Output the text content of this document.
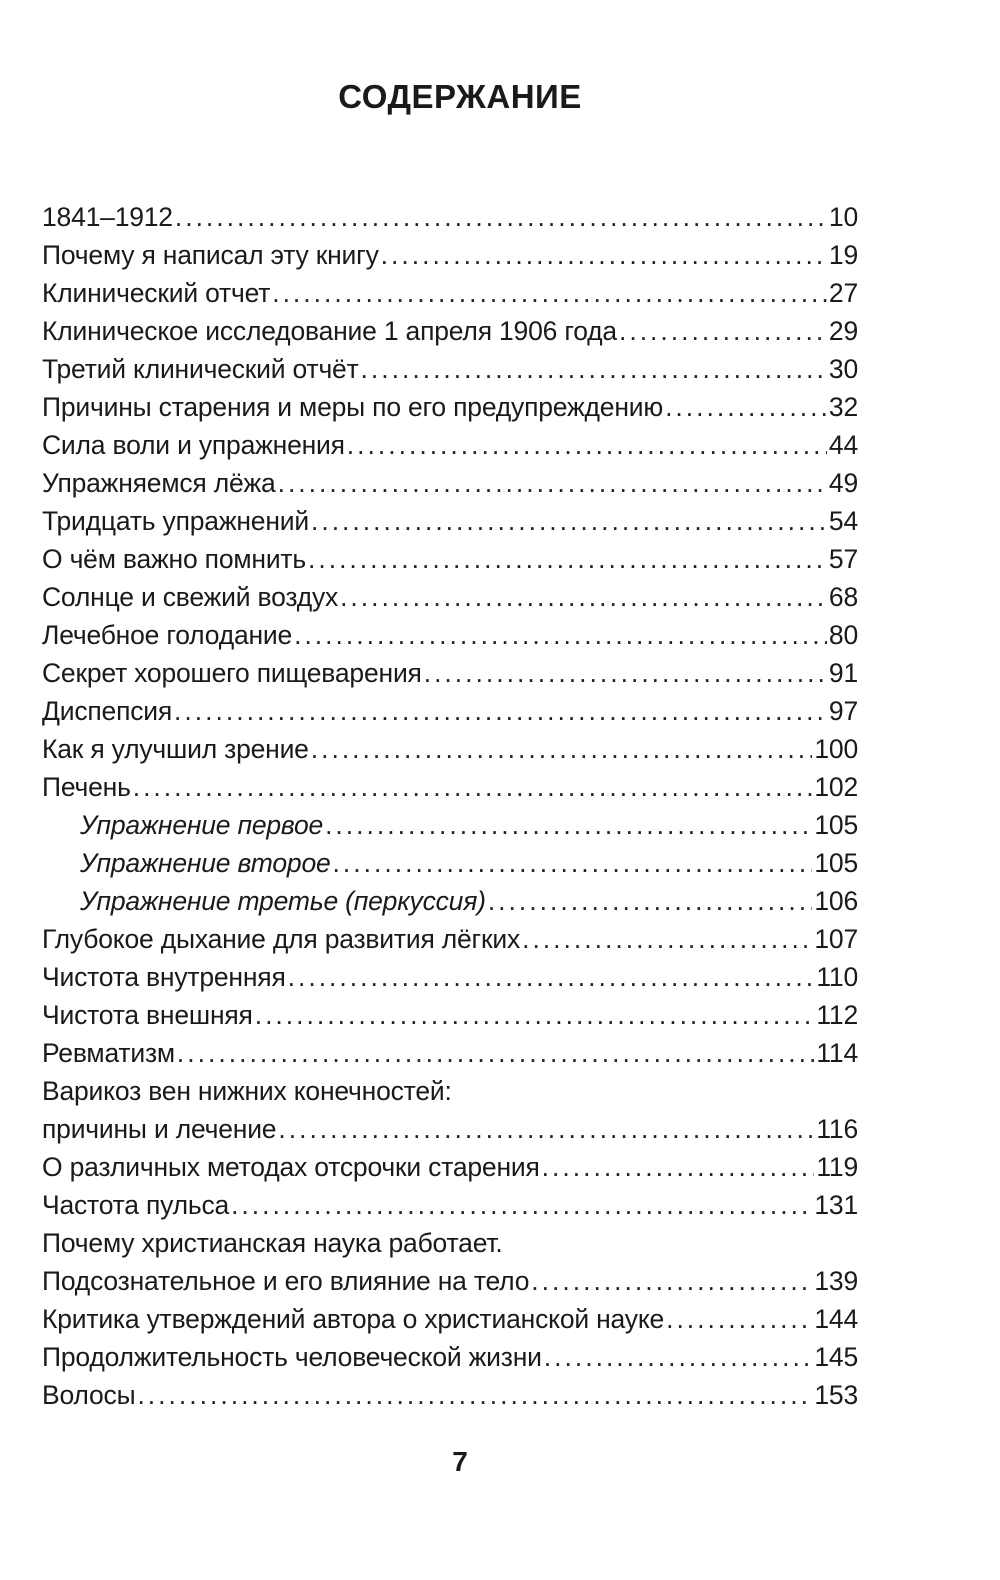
СОДЕРЖАНИЕ
1841–1912 .....	10
Почему я написал эту книгу .....	19
Клинический отчет .....	27
Клиническое исследование 1 апреля 1906 года .....	29
Третий клинический отчёт .....	30
Причины старения и меры по его предупреждению .....	32
Сила воли и упражнения .....	44
Упражняемся лёжа .....	49
Тридцать упражнений .....	54
О чём важно помнить .....	57
Солнце и свежий воздух .....	68
Лечебное голодание .....	80
Секрет хорошего пищеварения .....	91
Диспепсия .....	97
Как я улучшил зрение .....	100
Печень .....	102
Упражнение первое .....	105
Упражнение второе .....	105
Упражнение третье (перкуссия) .....	106
Глубокое дыхание для развития лёгких .....	107
Чистота внутренняя .....	110
Чистота внешняя .....	112
Ревматизм .....	114
Варикоз вен нижних конечностей:
причины и лечение .....	116
О различных методах отсрочки старения .....	119
Частота пульса .....	131
Почему христианская наука работает.
Подсознательное и его влияние на тело .....	139
Критика утверждений автора о христианской науке .....	144
Продолжительность человеческой жизни .....	145
Волосы .....	153
7
